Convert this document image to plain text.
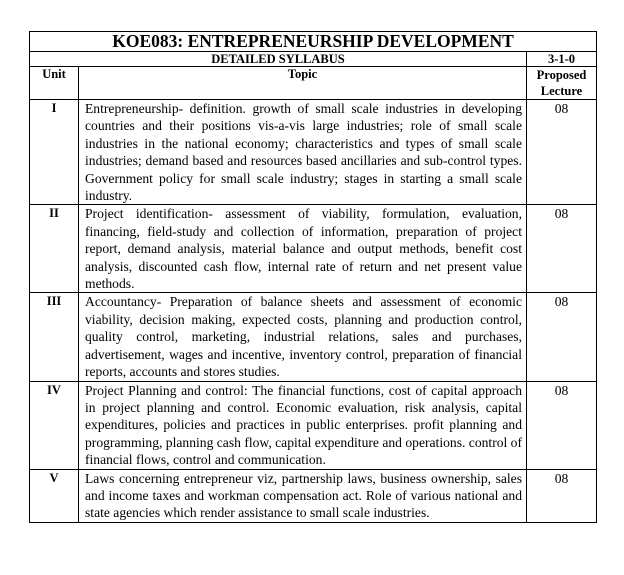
KOE083: ENTREPRENEURSHIP DEVELOPMENT		
DETAILED SYLLABUS		3-1-0
Unit	Topic	Proposed Lecture
I	Entrepreneurship- definition. growth of small scale industries in developing countries and their positions vis-a-vis large industries; role of small scale industries in the national economy; characteristics and types of small scale industries; demand based and resources based ancillaries and sub-control types. Government policy for small scale industry; stages in starting a small scale industry.	08
II	Project identification- assessment of viability, formulation, evaluation, financing, field-study and collection of information, preparation of project report, demand analysis, material balance and output methods, benefit cost analysis, discounted cash flow, internal rate of return and net present value methods.	08
III	Accountancy- Preparation of balance sheets and assessment of economic viability, decision making, expected costs, planning and production control, quality control, marketing, industrial relations, sales and purchases, advertisement, wages and incentive, inventory control, preparation of financial reports, accounts and stores studies.	08
IV	Project Planning and control: The financial functions, cost of capital approach in project planning and control. Economic evaluation, risk analysis, capital expenditures, policies and practices in public enterprises. profit planning and programming, planning cash flow, capital expenditure and operations. control of financial flows, control and communication.	08
V	Laws concerning entrepreneur viz, partnership laws, business ownership, sales and income taxes and workman compensation act. Role of various national and state agencies which render assistance to small scale industries.	08
